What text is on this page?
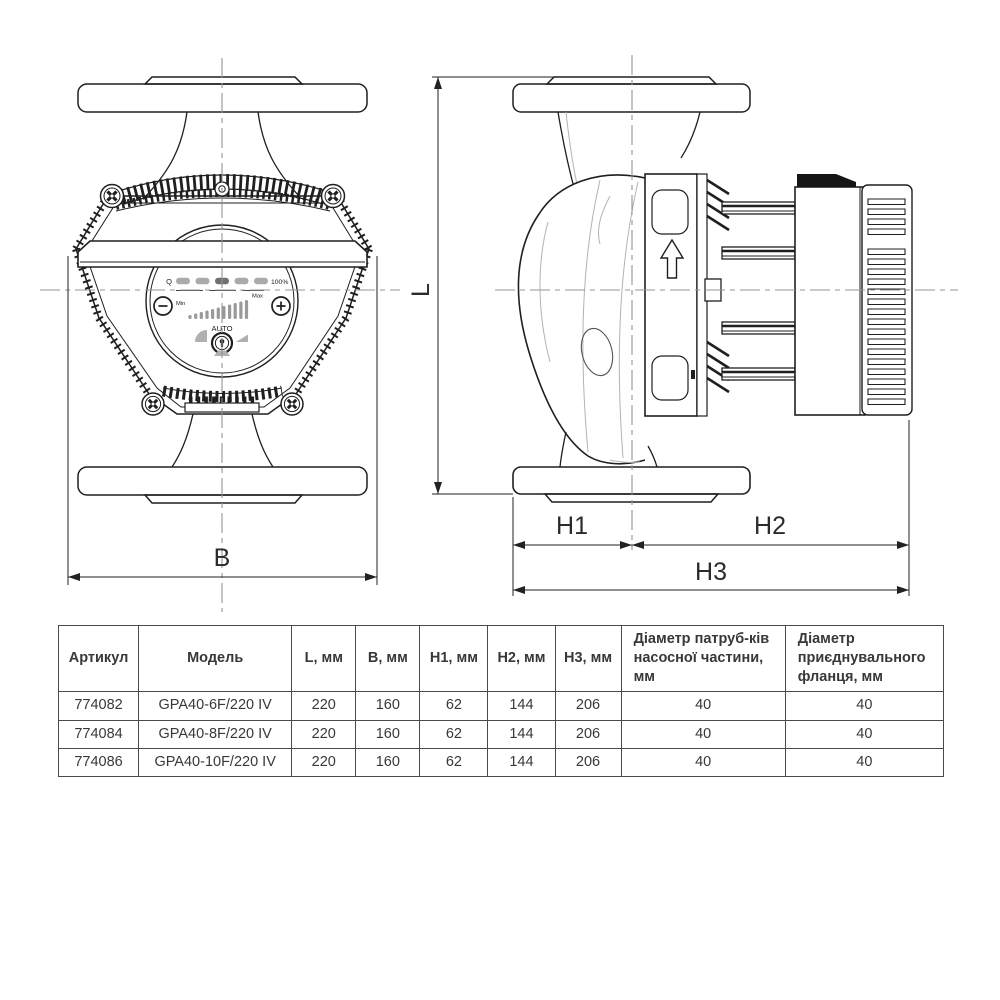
Q	100%
Max
Min
AUTO
B
L
H1	H2
H3
Артикул	Модель	L, мм	B, мм	H1, мм	H2, мм	H3, мм	Діаметр патруб-ків насосної частини, мм	Діаметр приєднувального фланця, мм
774082	GPA40-6F/220 IV	220	160	62	144	206	40	40
774084	GPA40-8F/220 IV	220	160	62	144	206	40	40
774086	GPA40-10F/220 IV	220	160	62	144	206	40	40
